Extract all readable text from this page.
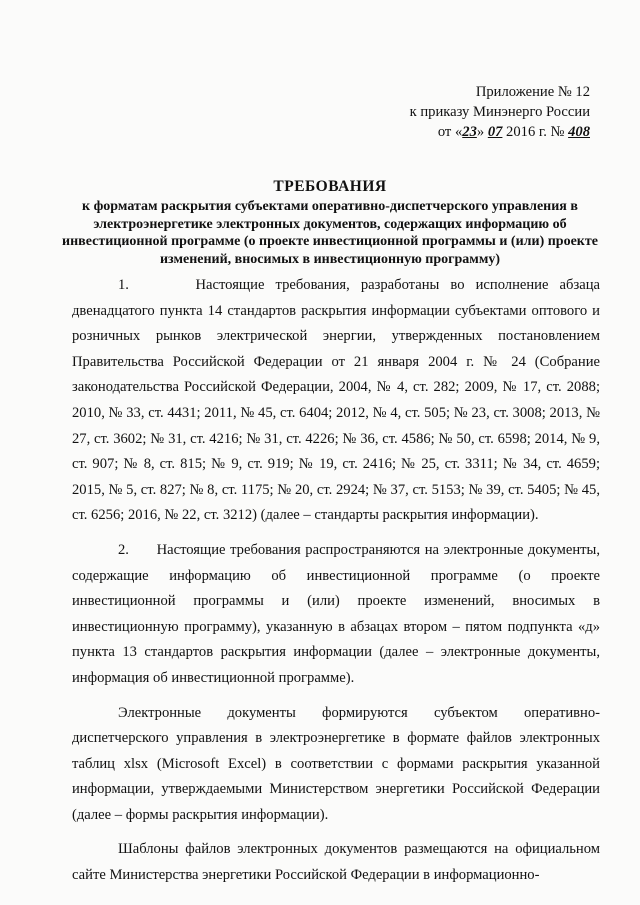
Приложение № 12
к приказу Минэнерго России
от «23» 07 2016 г. № 408
ТРЕБОВАНИЯ
к форматам раскрытия субъектами оперативно-диспетчерского управления в электроэнергетике электронных документов, содержащих информацию об инвестиционной программе (о проекте инвестиционной программы и (или) проекте изменений, вносимых в инвестиционную программу)

1.      Настоящие требования, разработаны во исполнение абзаца двенадцатого пункта 14 стандартов раскрытия информации субъектами оптового и розничных рынков электрической энергии, утвержденных постановлением Правительства Российской Федерации от 21 января 2004 г. № 24 (Собрание законодательства Российской Федерации, 2004, № 4, ст. 282; 2009, № 17, ст. 2088; 2010, № 33, ст. 4431; 2011, № 45, ст. 6404; 2012, № 4, ст. 505; № 23, ст. 3008; 2013, № 27, ст. 3602; № 31, ст. 4216; № 31, ст. 4226; № 36, ст. 4586; № 50, ст. 6598; 2014, № 9, ст. 907; № 8, ст. 815; № 9, ст. 919; № 19, ст. 2416; № 25, ст. 3311; № 34, ст. 4659; 2015, № 5, ст. 827; № 8, ст. 1175; № 20, ст. 2924; № 37, ст. 5153; № 39, ст. 5405; № 45, ст. 6256; 2016, № 22, ст. 3212) (далее – стандарты раскрытия информации).

2.      Настоящие требования распространяются на электронные документы, содержащие информацию об инвестиционной программе (о проекте инвестиционной программы и (или) проекте изменений, вносимых в инвестиционную программу), указанную в абзацах втором – пятом подпункта «д» пункта 13 стандартов раскрытия информации (далее – электронные документы, информация об инвестиционной программе).

Электронные документы формируются субъектом оперативно-диспетчерского управления в электроэнергетике в формате файлов электронных таблиц xlsx (Microsoft Excel) в соответствии с формами раскрытия указанной информации, утверждаемыми Министерством энергетики Российской Федерации (далее – формы раскрытия информации).

Шаблоны файлов электронных документов размещаются на официальном сайте Министерства энергетики Российской Федерации в информационно-
